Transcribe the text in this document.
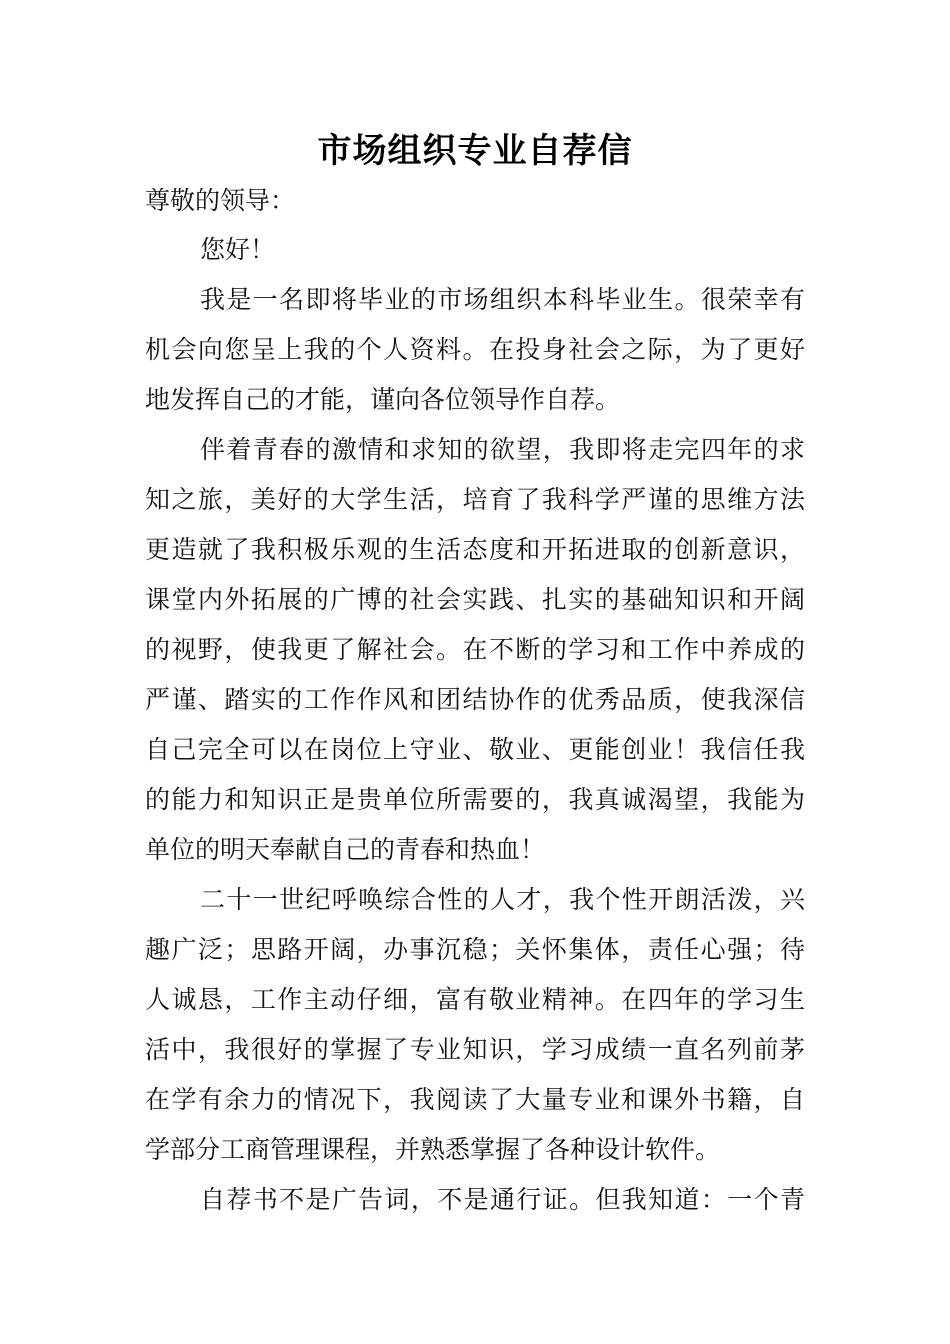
市场组织专业自荐信

尊敬的领导：

您好！

我是一名即将毕业的市场组织本科毕业生。很荣幸有

机会向您呈上我的个人资料。在投身社会之际，为了更好

地发挥自己的才能，谨向各位领导作自荐。

伴着青春的激情和求知的欲望，我即将走完四年的求

知之旅，美好的大学生活，培育了我科学严谨的思维方法

更造就了我积极乐观的生活态度和开拓进取的创新意识，

课堂内外拓展的广博的社会实践、扎实的基础知识和开阔

的视野，使我更了解社会。在不断的学习和工作中养成的

严谨、踏实的工作作风和团结协作的优秀品质，使我深信

自己完全可以在岗位上守业、敬业、更能创业！我信任我

的能力和知识正是贵单位所需要的，我真诚渴望，我能为

单位的明天奉献自己的青春和热血！

二十一世纪呼唤综合性的人才，我个性开朗活泼，兴

趣广泛；思路开阔，办事沉稳；关怀集体，责任心强；待

人诚恳，工作主动仔细，富有敬业精神。在四年的学习生

活中，我很好的掌握了专业知识，学习成绩一直名列前茅

在学有余力的情况下，我阅读了大量专业和课外书籍，自

学部分工商管理课程，并熟悉掌握了各种设计软件。

自荐书不是广告词，不是通行证。但我知道：一个青
